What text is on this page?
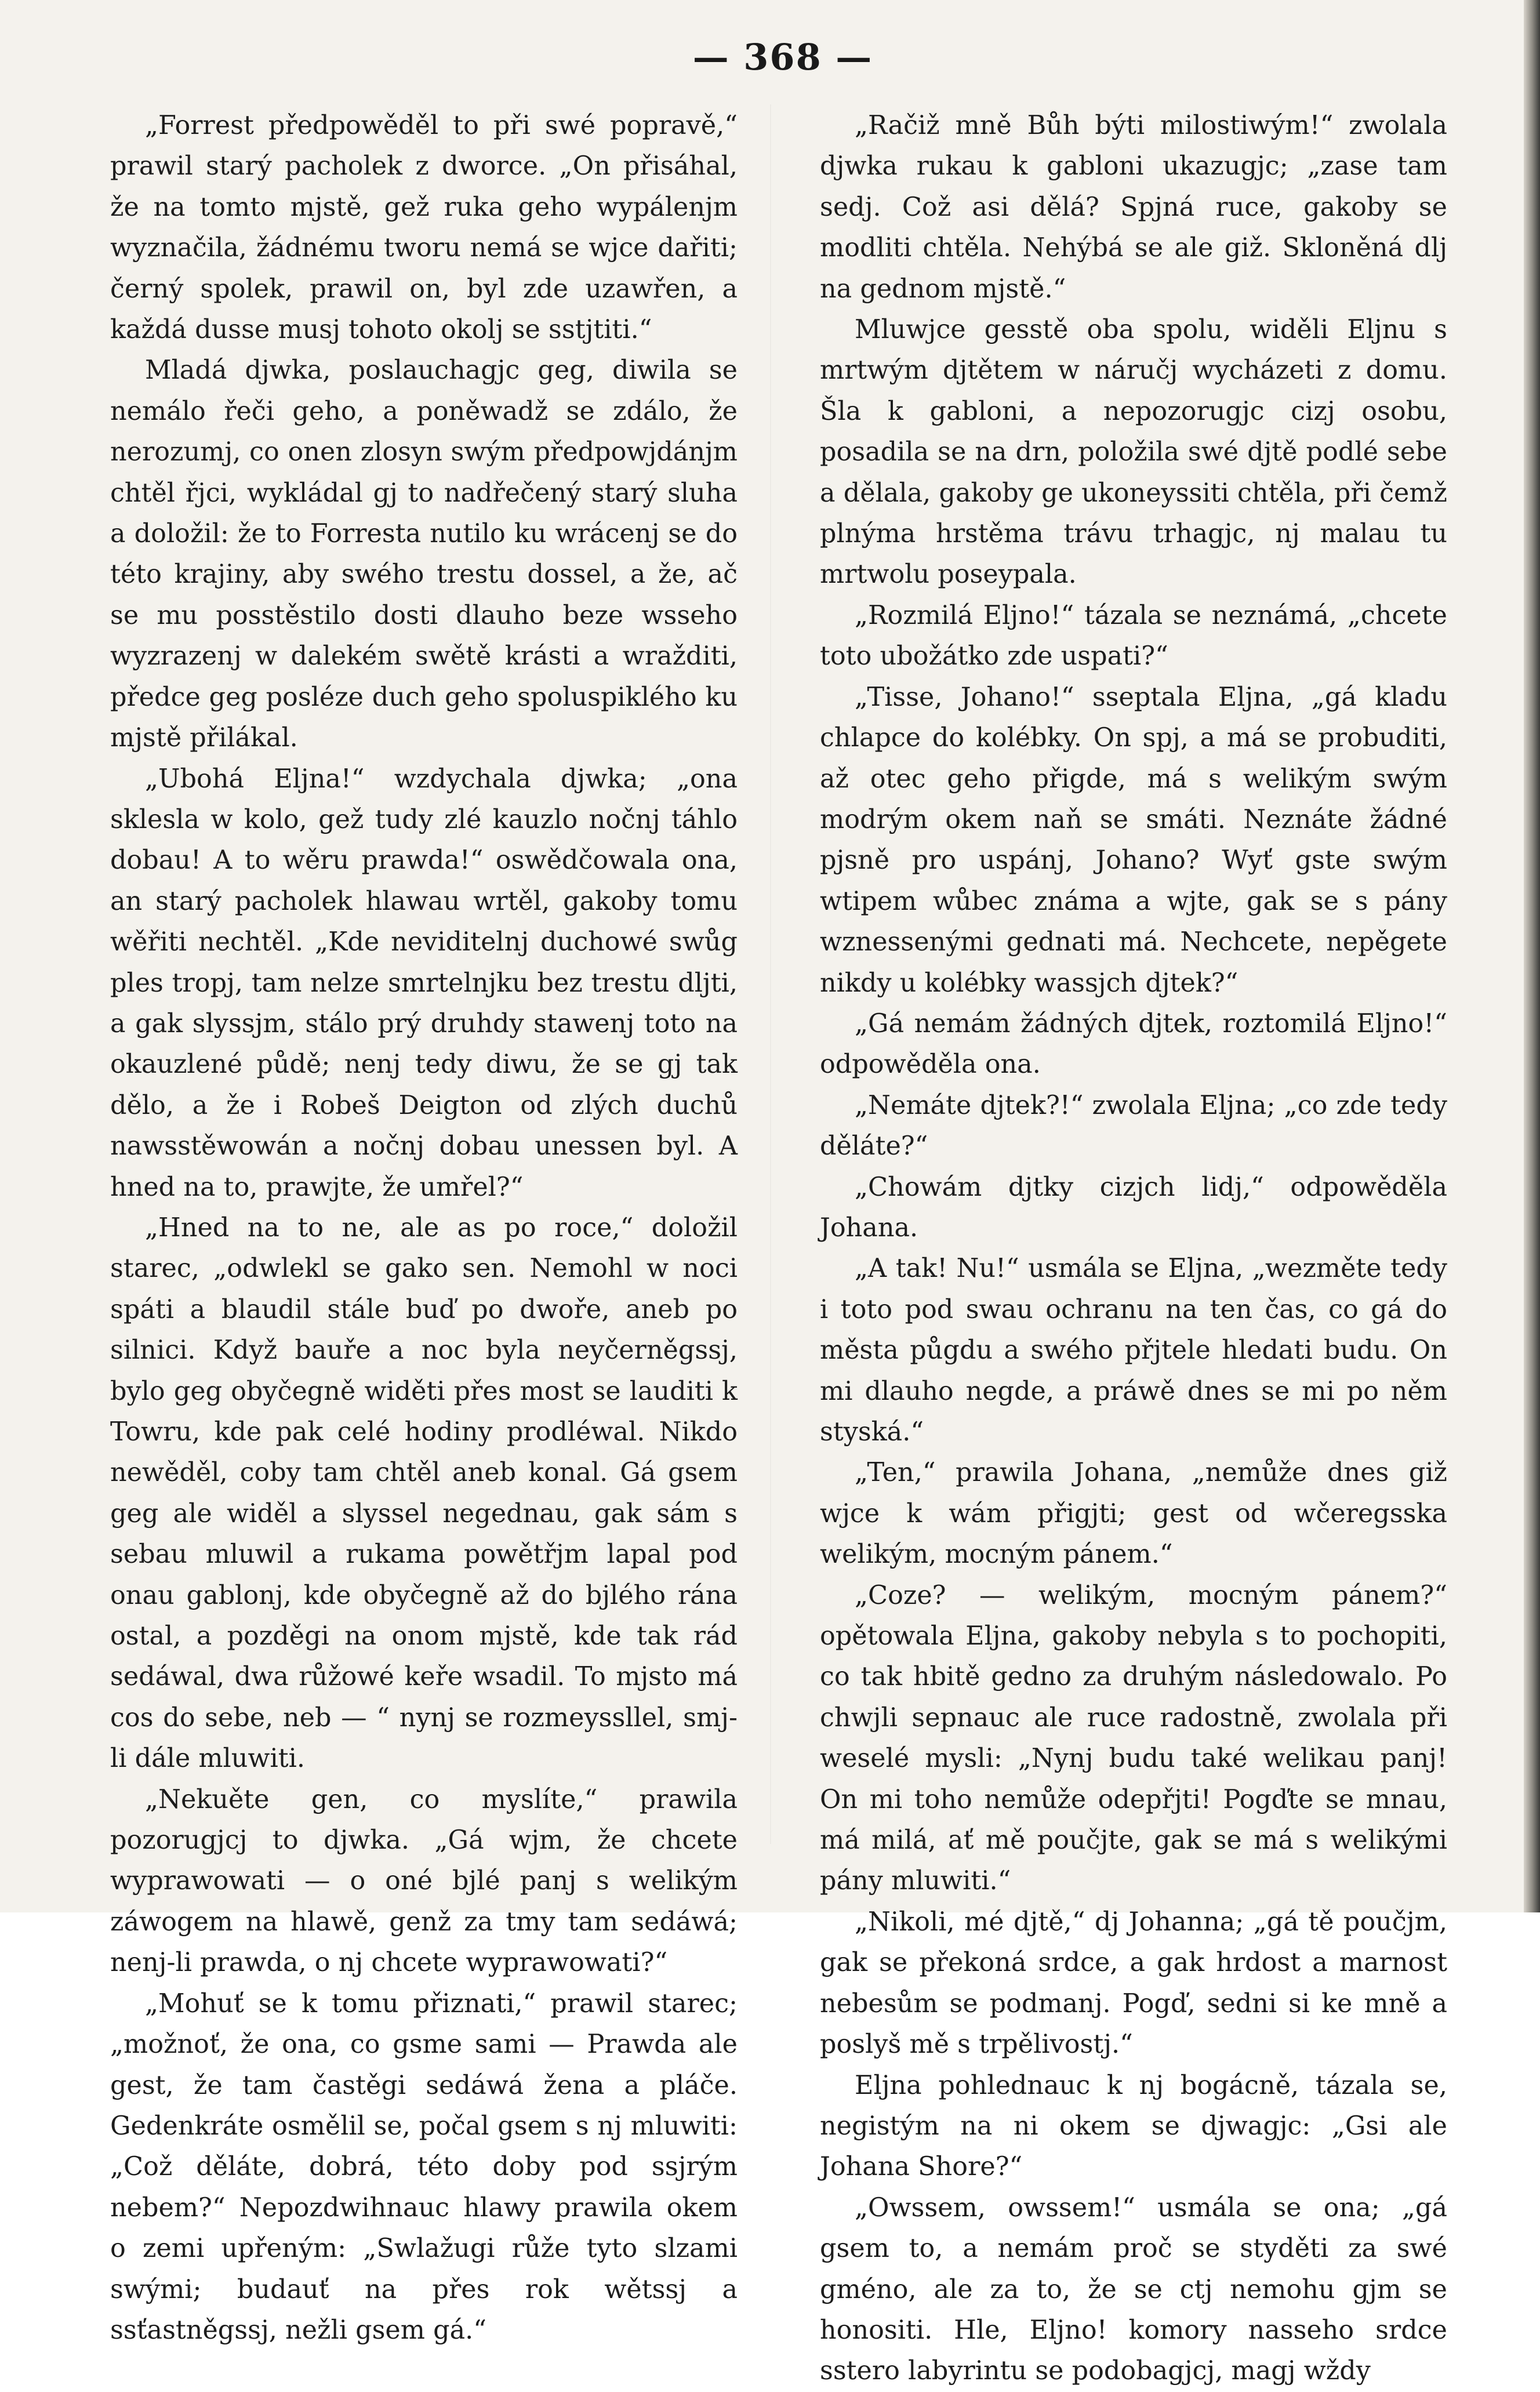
— 368 —

„Forrest předpowěděl to při swé popravě,“ prawil starý pacholek z dworce. „On přisáhal, že na tomto mjstě, gež ruka geho wypálenjm wyznačila, žádnému tworu nemá se wjce dařiti; černý spolek, prawil on, byl zde uzawřen, a každá dusse musj tohoto okolj se sstjtiti.“

Mladá djwka, poslauchagjc geg, diwila se nemálo řeči geho, a poněwadž se zdálo, že nerozumj, co onen zlosyn swým předpowjdánjm chtěl řjci, wykládal gj to nadřečený starý sluha a doložil: že to Forresta nutilo ku wrácenj se do této krajiny, aby swého trestu dossel, a že, ač se mu posstěstilo dosti dlauho beze wsseho wyzrazenj w dalekém swětě krásti a wražditi, předce geg posléze duch geho spoluspiklého ku mjstě přilákal.

„Ubohá Eljna!“ wzdychala djwka; „ona sklesla w kolo, gež tudy zlé kauzlo nočnj táhlo dobau! A to wěru prawda!“ oswědčowala ona, an starý pacholek hlawau wrtěl, gakoby tomu wěřiti nechtěl. „Kde neviditelnj duchowé swůg ples tropj, tam nelze smrtelnjku bez trestu dljti, a gak slyssjm, stálo prý druhdy stawenj toto na okauzlené půdě; nenj tedy diwu, že se gj tak dělo, a že i Robeš Deigton od zlých duchů nawsstěwowán a nočnj dobau unessen byl. A hned na to, prawjte, že umřel?“

„Hned na to ne, ale as po roce,“ doložil starec, „odwlekl se gako sen. Nemohl w noci spáti a blaudil stále buď po dwoře, aneb po silnici. Když bauře a noc byla neyčerněgssj, bylo geg obyčegně widěti přes most se lauditi k Towru, kde pak celé hodiny prodléwal. Nikdo newěděl, coby tam chtěl aneb konal. Gá gsem geg ale widěl a slyssel negednau, gak sám s sebau mluwil a rukama powětřjm lapal pod onau gablonj, kde obyčegně až do bjlého rána ostal, a pozděgi na onom mjstě, kde tak rád sedáwal, dwa růžowé keře wsadil. To mjsto má cos do sebe, neb — “ nynj se rozmeyssllel, smj-li dále mluwiti.

„Nekuěte gen, co myslíte,“ prawila pozorugjcj to djwka. „Gá wjm, že chcete wyprawowati — o oné bjlé panj s welikým záwogem na hlawě, genž za tmy tam sedáwá; nenj-li prawda, o nj chcete wyprawowati?“

„Mohuť se k tomu přiznati,“ prawil starec; „možnoť, že ona, co gsme sami — Prawda ale gest, že tam častěgi sedáwá žena a pláče. Gedenkráte osmělil se, počal gsem s nj mluwiti: „Což děláte, dobrá, této doby pod ssjrým nebem?“ Nepozdwihnauc hlawy prawila okem o zemi upřeným: „Swlažugi růže tyto slzami swými; budauť na přes rok wětssj a ssťastněgssj, nežli gsem gá.“

„Račiž mně Bůh býti milostiwým!“ zwolala djwka rukau k gabloni ukazugjc; „zase tam sedj. Což asi dělá? Spjná ruce, gakoby se modliti chtěla. Nehýbá se ale giž. Skloněná dlj na gednom mjstě.“

Mluwjce gesstě oba spolu, widěli Eljnu s mrtwým djtětem w náručj wycházeti z domu. Šla k gabloni, a nepozorugjc cizj osobu, posadila se na drn, položila swé djtě podlé sebe a dělala, gakoby ge ukoneyssiti chtěla, při čemž plnýma hrstěma trávu trhagjc, nj malau tu mrtwolu poseypala.

„Rozmilá Eljno!“ tázala se neznámá, „chcete toto ubožátko zde uspati?“

„Tisse, Johano!“ sseptala Eljna, „gá kladu chlapce do kolébky. On spj, a má se probuditi, až otec geho přigde, má s welikým swým modrým okem naň se smáti. Neznáte žádné pjsně pro uspánj, Johano? Wyť gste swým wtipem wůbec známa a wjte, gak se s pány wznessenými gednati má. Nechcete, nepěgete nikdy u kolébky wassjch djtek?“

„Gá nemám žádných djtek, roztomilá Eljno!“ odpowěděla ona.

„Nemáte djtek?!“ zwolala Eljna; „co zde tedy děláte?“

„Chowám djtky cizjch lidj,“ odpowěděla Johana.

„A tak! Nu!“ usmála se Eljna, „wezměte tedy i toto pod swau ochranu na ten čas, co gá do města půgdu a swého přjtele hledati budu. On mi dlauho negde, a práwě dnes se mi po něm styská.“

„Ten,“ prawila Johana, „nemůže dnes giž wjce k wám přigjti; gest od wčeregsska welikým, mocným pánem.“

„Coze? — welikým, mocným pánem?“ opětowala Eljna, gakoby nebyla s to pochopiti, co tak hbitě gedno za druhým následowalo. Po chwjli sepnauc ale ruce radostně, zwolala při weselé mysli: „Nynj budu také welikau panj! On mi toho nemůže odepřjti! Pogďte se mnau, má milá, ať mě poučjte, gak se má s welikými pány mluwiti.“

„Nikoli, mé djtě,“ dj Johanna; „gá tě poučjm, gak se překoná srdce, a gak hrdost a marnost nebesům se podmanj. Pogď, sedni si ke mně a poslyš mě s trpělivostj.“

Eljna pohlednauc k nj bogácně, tázala se, negistým na ni okem se djwagjc: „Gsi ale Johana Shore?“

„Owssem, owssem!“ usmála se ona; „gá gsem to, a nemám proč se styděti za swé gméno, ale za to, že se ctj nemohu gjm se honositi. Hle, Eljno! komory nasseho srdce sstero labyrintu se podobagjcj, magj wždy
